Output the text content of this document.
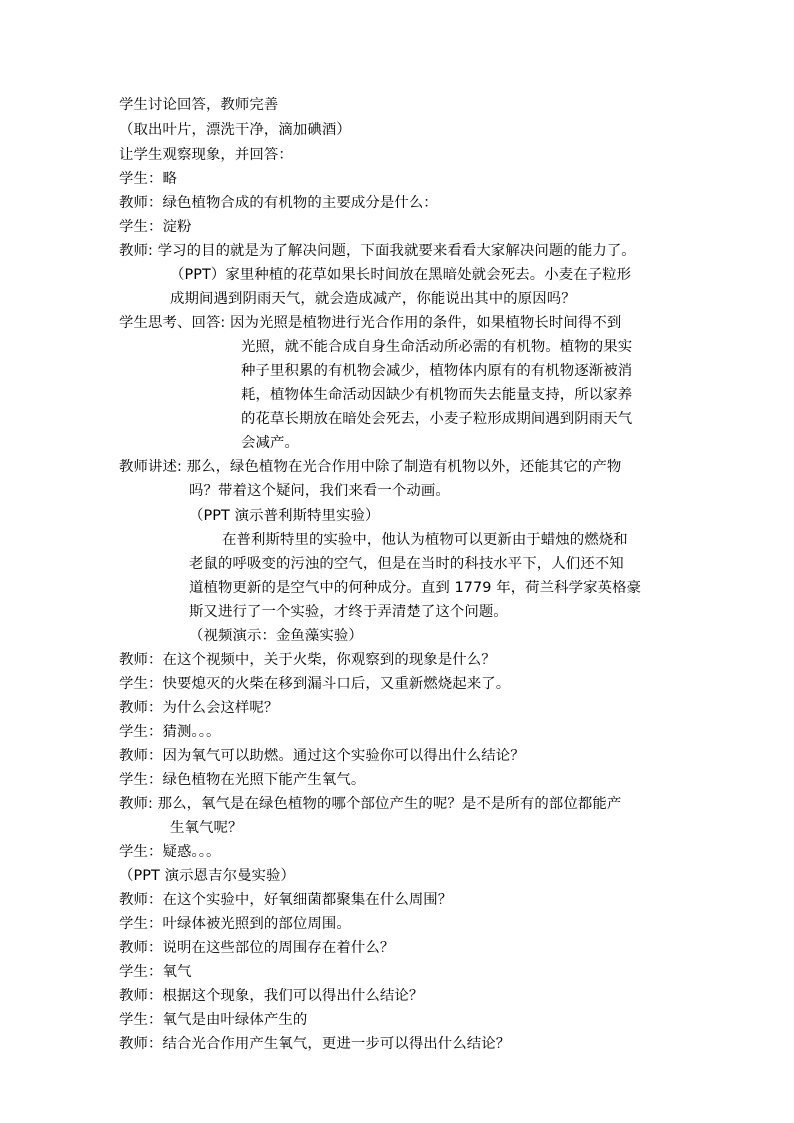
学生讨论回答，教师完善
（取出叶片，漂洗干净，滴加碘酒）
让学生观察现象，并回答：
学生：略
教师：绿色植物合成的有机物的主要成分是什么：
学生：淀粉
教师: 学习的目的就是为了解决问题，下面我就要来看看大家解决问题的能力了。
（PPT）家里种植的花草如果长时间放在黑暗处就会死去。小麦在子粒形
成期间遇到阴雨天气，就会造成减产，你能说出其中的原因吗？
学生思考、回答: 因为光照是植物进行光合作用的条件，如果植物长时间得不到
光照，就不能合成自身生命活动所必需的有机物。植物的果实
种子里积累的有机物会减少，植物体内原有的有机物逐渐被消
耗，植物体生命活动因缺少有机物而失去能量支持，所以家养
的花草长期放在暗处会死去，小麦子粒形成期间遇到阴雨天气
会减产。
教师讲述: 那么，绿色植物在光合作用中除了制造有机物以外，还能其它的产物
吗？带着这个疑问，我们来看一个动画。
（PPT 演示普利斯特里实验）
在普利斯特里的实验中，他认为植物可以更新由于蜡烛的燃烧和
老鼠的呼吸变的污浊的空气，但是在当时的科技水平下，人们还不知
道植物更新的是空气中的何种成分。直到 1779 年，荷兰科学家英格豪
斯又进行了一个实验，才终于弄清楚了这个问题。
（视频演示：金鱼藻实验）
教师：在这个视频中，关于火柴，你观察到的现象是什么？
学生：快要熄灭的火柴在移到漏斗口后，又重新燃烧起来了。
教师：为什么会这样呢？
学生：猜测。。。
教师：因为氧气可以助燃。通过这个实验你可以得出什么结论？
学生：绿色植物在光照下能产生氧气。
教师: 那么，氧气是在绿色植物的哪个部位产生的呢？是不是所有的部位都能产
生氧气呢？
学生：疑惑。。。
（PPT 演示恩吉尔曼实验）
教师：在这个实验中，好氧细菌都聚集在什么周围？
学生：叶绿体被光照到的部位周围。
教师：说明在这些部位的周围存在着什么？
学生：氧气
教师：根据这个现象，我们可以得出什么结论？
学生：氧气是由叶绿体产生的
教师：结合光合作用产生氧气，更进一步可以得出什么结论？
